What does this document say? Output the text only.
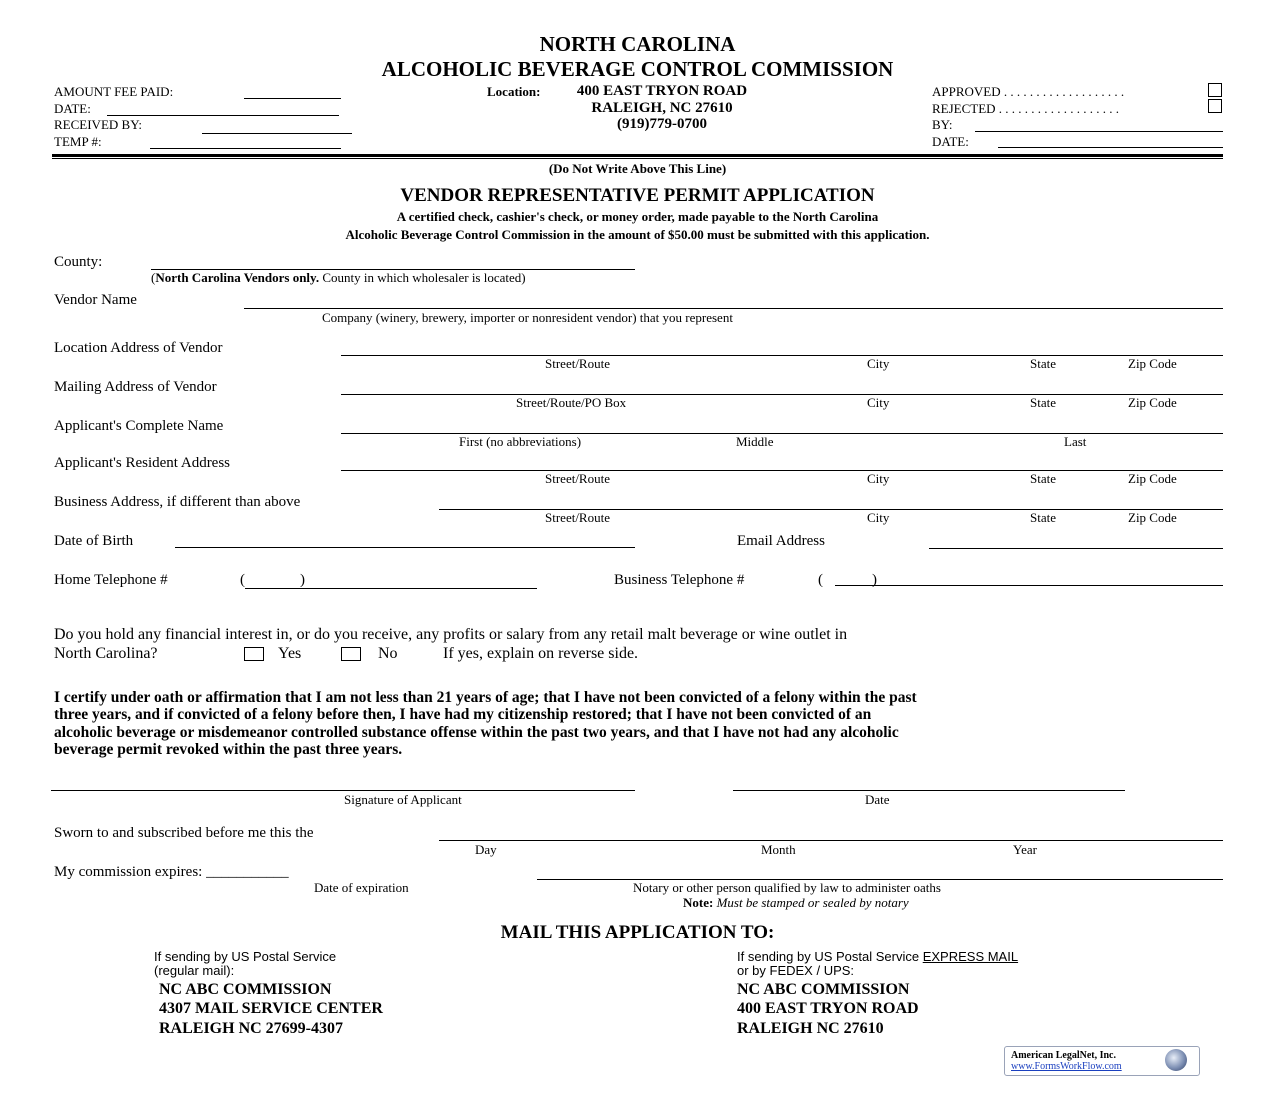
NORTH CAROLINA
ALCOHOLIC BEVERAGE CONTROL COMMISSION
AMOUNT FEE PAID:
DATE:
RECEIVED BY:
TEMP #:
Location:	400 EAST TRYON ROAD
RALEIGH, NC 27610
(919)779-0700
APPROVED . . . . . . . . . . . . . . . . . . .
REJECTED . . . . . . . . . . . . . . . . . . .
BY:
DATE:
(Do Not Write Above This Line)
VENDOR REPRESENTATIVE PERMIT APPLICATION
A certified check, cashier's check, or money order, made payable to the North Carolina
Alcoholic Beverage Control Commission in the amount of $50.00 must be submitted with this application.
County:
(North Carolina Vendors only. County in which wholesaler is located)
Vendor Name
Company (winery, brewery, importer or nonresident vendor) that you represent
Location Address of Vendor
Street/Route	City	State	Zip Code
Mailing Address of Vendor
Street/Route/PO Box	City	State	Zip Code
Applicant's Complete Name
First (no abbreviations)	Middle	Last
Applicant's Resident Address
Street/Route	City	State	Zip Code
Business Address, if different than above
Street/Route	City	State	Zip Code
Date of Birth	Email Address
Home Telephone #	(	)	Business Telephone #	(	)
Do you hold any financial interest in, or do you receive, any profits or salary from any retail malt beverage or wine outlet in
North Carolina?	Yes	No	If yes, explain on reverse side.
I certify under oath or affirmation that I am not less than 21 years of age; that I have not been convicted of a felony within the past
three years, and if convicted of a felony before then, I have had my citizenship restored; that I have not been convicted of an
alcoholic beverage or misdemeanor controlled substance offense within the past two years, and that I have not had any alcoholic
beverage permit revoked within the past three years.
Signature of Applicant	Date
Sworn to and subscribed before me this the
Day	Month	Year
My commission expires: ___________
Date of expiration	Notary or other person qualified by law to administer oaths
Note: Must be stamped or sealed by notary
MAIL THIS APPLICATION TO:
If sending by US Postal Service
(regular mail):
NC ABC COMMISSION
4307 MAIL SERVICE CENTER
RALEIGH NC 27699-4307
If sending by US Postal Service EXPRESS MAIL
or by FEDEX / UPS:
NC ABC COMMISSION
400 EAST TRYON ROAD
RALEIGH NC 27610
American LegalNet, Inc.
www.FormsWorkFlow.com
